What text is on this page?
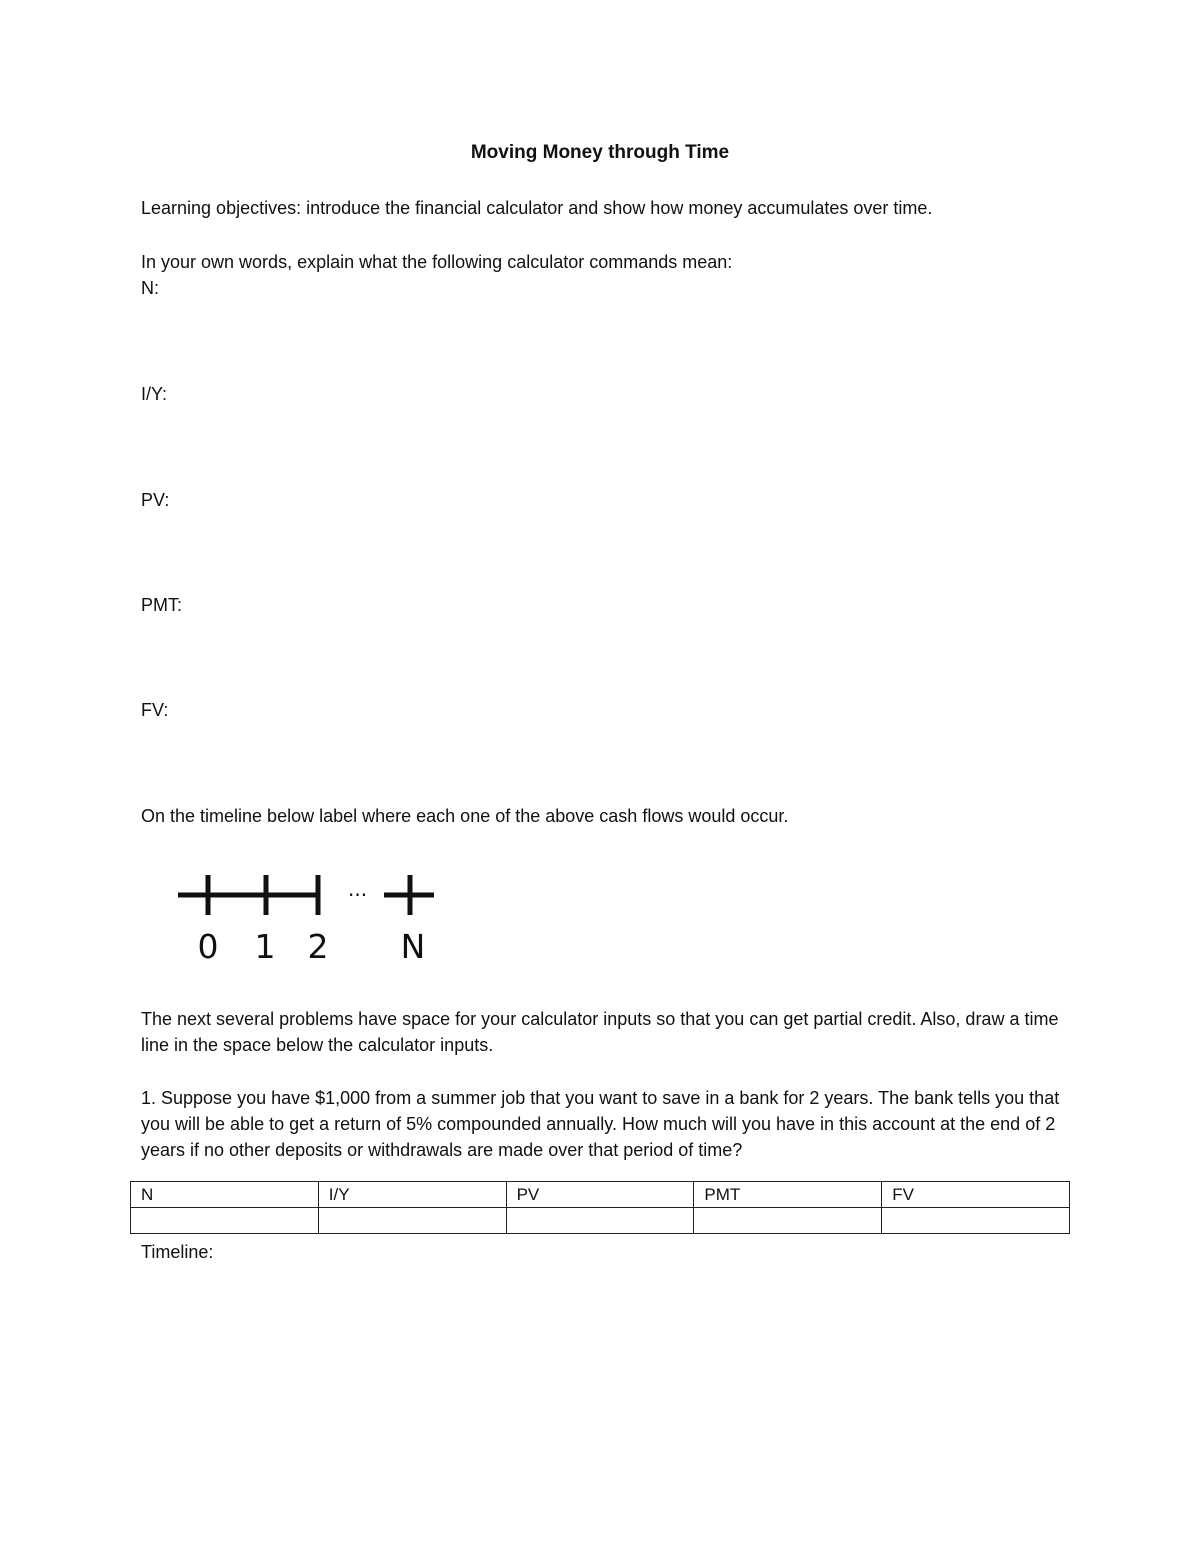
Moving Money through Time

Learning objectives: introduce the financial calculator and show how money accumulates over time.

In your own words, explain what the following calculator commands mean:

N:

I/Y:

PV:

PMT:

FV:

On the timeline below label where each one of the above cash flows would occur.

...
0 1 2 N

The next several problems have space for your calculator inputs so that you can get partial credit. Also, draw a time line in the space below the calculator inputs.

1. Suppose you have $1,000 from a summer job that you want to save in a bank for 2 years. The bank tells you that you will be able to get a return of 5% compounded annually. How much will you have in this account at the end of 2 years if no other deposits or withdrawals are made over that period of time?

N	I/Y	PV	PMT	FV

Timeline:
